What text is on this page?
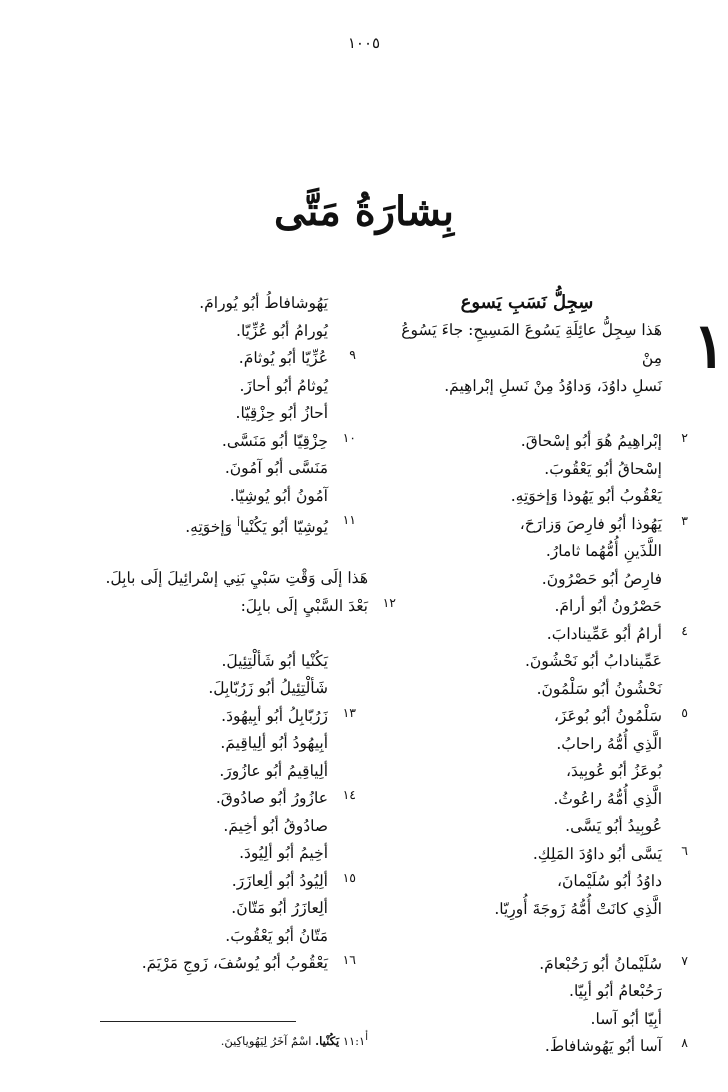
١٠٠٥
بِشارَةُ مَتَّى
سِجِلُّ نَسَبِ يَسوع
١
هَذا سِجِلُّ عائِلَةِ يَسُوعَ المَسِيحِ: جاءَ يَسُوعُ مِنْ
نَسلِ داوُدَ، وَداوُدُ مِنْ نَسلِ إبْراهِيمَ.
٢
إبْراهِيمُ هُوَ أبُو إسْحاقَ.
إسْحاقُ أبُو يَعْقُوبَ.
يَعْقُوبُ أبُو يَهُوذا وَإخوَتِهِ.
٣
يَهُوذا أبُو فارِصَ وَزارَحَ،
اللَّذَينِ أُمُّهُما ثامارُ.
فارِصُ أبُو حَصْرُونَ.
حَصْرُونُ أبُو أرامَ.
٤
أرامُ أبُو عَمِّينادابَ.
عَمِّينادابُ أبُو نَحْشُونَ.
نَحْشُونُ أبُو سَلْمُونَ.
٥
سَلْمُونُ أبُو بُوعَزَ،
الَّذِي أُمُّهُ راحابُ.
بُوعَزُ أبُو عُوبِيدَ،
الَّذِي أُمُّهُ راعُوثُ.
عُوبِيدُ أبُو يَسَّى.
٦
يَسَّى أبُو داوُدَ المَلِكِ.
داوُدُ أبُو سُلَيْمانَ،
الَّذِي كانَتْ أُمُّهُ زَوجَةَ أُورِيّا.
٧
سُلَيْمانُ أبُو رَحُبْعامَ.
رَحُبْعامُ أبُو أبِيّا.
أبِيّا أبُو آسا.
٨
آسا أبُو يَهُوشافاطَ.
يَهُوشافاطُ أبُو يُورامَ.
يُورامُ أبُو عُزِّيّا.
٩
عُزِّيّا أبُو يُوثامَ.
يُوثامُ أبُو أحازَ.
أحازُ أبُو حِزْقِيّا.
١٠
حِزْقِيّا أبُو مَنَسَّى.
مَنَسَّى أبُو آمُونَ.
آمُونُ أبُو يُوشِيّا.
١١
يُوشِيّا أبُو يَكُنْيا$^أ$ وَإخوَتِهِ.
هَذا إلَى وَقْتِ سَبْيِ بَنِي إسْرائِيلَ إلَى بابِلَ.
١٢
بَعْدَ السَّبْيِ إلَى بابِلَ:
يَكُنْيا أبُو شَألْتِئِيلَ.
شَألْتِئِيلُ أبُو زَرُبّابِلَ.
١٣
زَرُبّابِلُ أبُو أبِيهُودَ.
أبِيهُودُ أبُو ألِياقِيمَ.
ألِياقِيمُ أبُو عازُورَ.
١٤
عازُورُ أبُو صادُوقَ.
صادُوقُ أبُو أخِيمَ.
أخِيمُ أبُو ألِيُودَ.
١٥
ألِيُودُ أبُو ألِعازَرَ.
ألِعازَرُ أبُو مَتّانَ.
مَتّانُ أبُو يَعْقُوبَ.
١٦
يَعْقُوبُ أبُو يُوسُفَ، زَوجِ مَرْيَمَ.
$^أ$١١:١ يَكُنْيا. اسْمٌ آخَرُ لِيَهُوياكِينَ.
